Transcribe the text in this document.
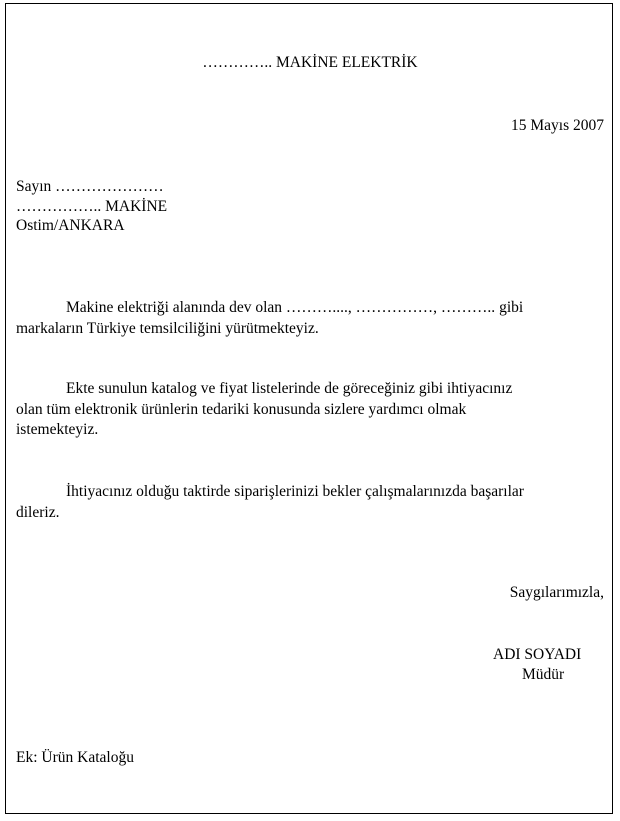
………….. MAKİNE ELEKTRİK
15 Mayıs 2007
Sayın …………………
…………….. MAKİNE
Ostim/ANKARA
Makine elektriği alanında dev olan ………...., ……………, ……….. gibi
markaların Türkiye temsilciliğini yürütmekteyiz.
Ekte sunulun katalog ve fiyat listelerinde de göreceğiniz gibi ihtiyacınız
olan tüm elektronik ürünlerin tedariki konusunda sizlere yardımcı olmak
istemekteyiz.
İhtiyacınız olduğu taktirde siparişlerinizi bekler çalışmalarınızda başarılar
dileriz.
Saygılarımızla,
ADI SOYADI
Müdür
Ek: Ürün Kataloğu
